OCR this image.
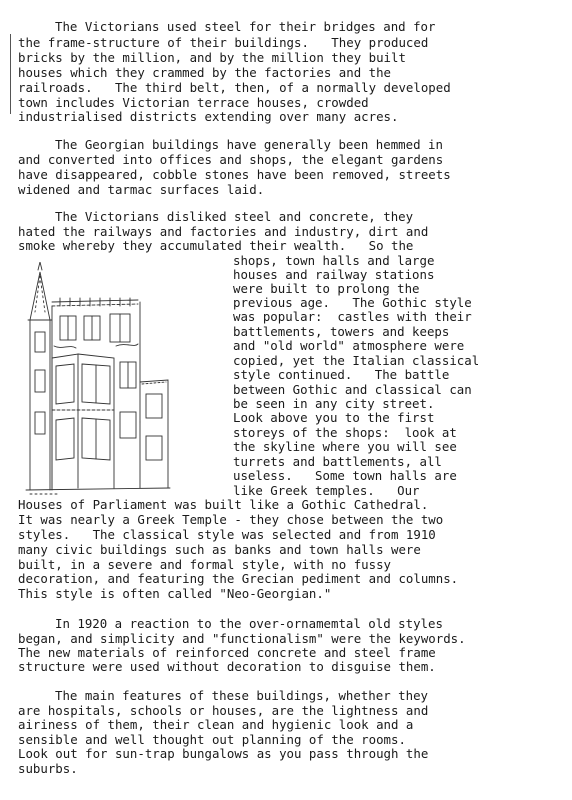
The Victorians used steel for their bridges and for
the frame-structure of their buildings.   They produced
bricks by the million, and by the million they built
houses which they crammed by the factories and the
railroads.   The third belt, then, of a normally developed
town includes Victorian terrace houses, crowded
industrialised districts extending over many acres.
The Georgian buildings have generally been hemmed in
and converted into offices and shops, the elegant gardens
have disappeared, cobble stones have been removed, streets
widened and tarmac surfaces laid.
The Victorians disliked steel and concrete, they
hated the railways and factories and industry, dirt and
smoke whereby they accumulated their wealth.   So the
shops, town halls and large
houses and railway stations
were built to prolong the
previous age.   The Gothic style
was popular:  castles with their
battlements, towers and keeps
and "old world" atmosphere were
copied, yet the Italian classical
style continued.   The battle
between Gothic and classical can
be seen in any city street.
Look above you to the first
storeys of the shops:  look at
the skyline where you will see
turrets and battlements, all
useless.   Some town halls are
like Greek temples.   Our
Houses of Parliament was built like a Gothic Cathedral.
It was nearly a Greek Temple - they chose between the two
styles.   The classical style was selected and from 1910
many civic buildings such as banks and town halls were
built, in a severe and formal style, with no fussy
decoration, and featuring the Grecian pediment and columns.
This style is often called "Neo-Georgian."
In 1920 a reaction to the over-ornamemtal old styles
began, and simplicity and "functionalism" were the keywords.
The new materials of reinforced concrete and steel frame
structure were used without decoration to disguise them.
The main features of these buildings, whether they
are hospitals, schools or houses, are the lightness and
airiness of them, their clean and hygienic look and a
sensible and well thought out planning of the rooms.
Look out for sun-trap bungalows as you pass through the
suburbs.
